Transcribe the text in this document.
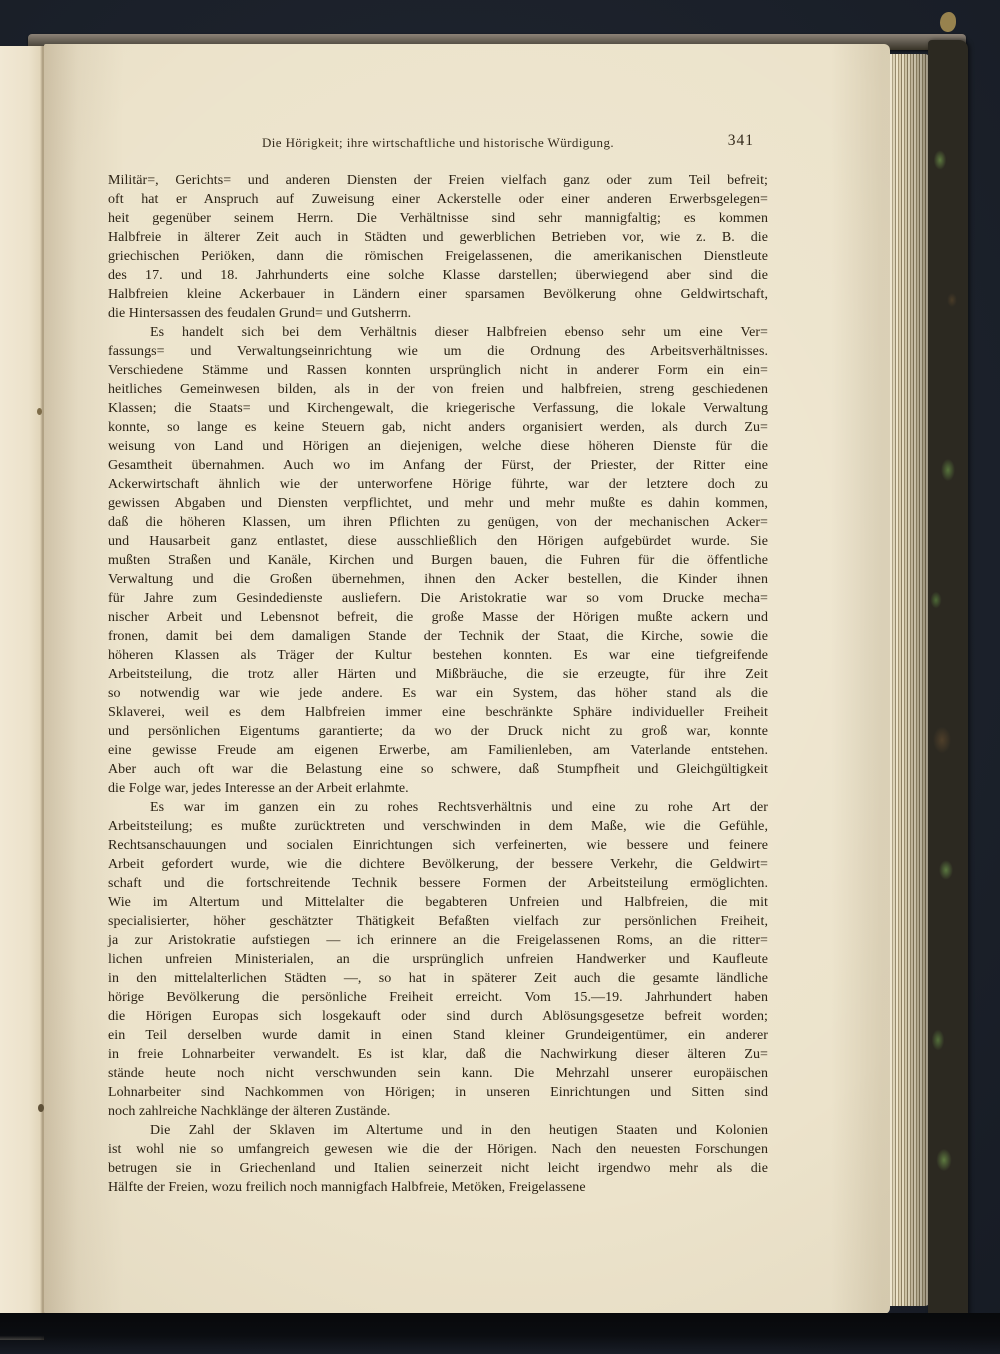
Die Hörigkeit; ihre wirtschaftliche und historische Würdigung.	341
Militär=, Gerichts= und anderen Diensten der Freien vielfach ganz oder zum Teil befreit;
oft hat er Anspruch auf Zuweisung einer Ackerstelle oder einer anderen Erwerbsgelegen=
heit gegenüber seinem Herrn. Die Verhältnisse sind sehr mannigfaltig; es kommen
Halbfreie in älterer Zeit auch in Städten und gewerblichen Betrieben vor, wie z. B. die
griechischen Periöken, dann die römischen Freigelassenen, die amerikanischen Dienstleute
des 17. und 18. Jahrhunderts eine solche Klasse darstellen; überwiegend aber sind die
Halbfreien kleine Ackerbauer in Ländern einer sparsamen Bevölkerung ohne Geldwirtschaft,
die Hintersassen des feudalen Grund= und Gutsherrn.
Es handelt sich bei dem Verhältnis dieser Halbfreien ebenso sehr um eine Ver=
fassungs= und Verwaltungseinrichtung wie um die Ordnung des Arbeitsverhältnisses.
Verschiedene Stämme und Rassen konnten ursprünglich nicht in anderer Form ein ein=
heitliches Gemeinwesen bilden, als in der von freien und halbfreien, streng geschiedenen
Klassen; die Staats= und Kirchengewalt, die kriegerische Verfassung, die lokale Verwaltung
konnte, so lange es keine Steuern gab, nicht anders organisiert werden, als durch Zu=
weisung von Land und Hörigen an diejenigen, welche diese höheren Dienste für die
Gesamtheit übernahmen. Auch wo im Anfang der Fürst, der Priester, der Ritter eine
Ackerwirtschaft ähnlich wie der unterworfene Hörige führte, war der letztere doch zu
gewissen Abgaben und Diensten verpflichtet, und mehr und mehr mußte es dahin kommen,
daß die höheren Klassen, um ihren Pflichten zu genügen, von der mechanischen Acker=
und Hausarbeit ganz entlastet, diese ausschließlich den Hörigen aufgebürdet wurde. Sie
mußten Straßen und Kanäle, Kirchen und Burgen bauen, die Fuhren für die öffentliche
Verwaltung und die Großen übernehmen, ihnen den Acker bestellen, die Kinder ihnen
für Jahre zum Gesindedienste ausliefern. Die Aristokratie war so vom Drucke mecha=
nischer Arbeit und Lebensnot befreit, die große Masse der Hörigen mußte ackern und
fronen, damit bei dem damaligen Stande der Technik der Staat, die Kirche, sowie die
höheren Klassen als Träger der Kultur bestehen konnten. Es war eine tiefgreifende
Arbeitsteilung, die trotz aller Härten und Mißbräuche, die sie erzeugte, für ihre Zeit
so notwendig war wie jede andere. Es war ein System, das höher stand als die
Sklaverei, weil es dem Halbfreien immer eine beschränkte Sphäre individueller Freiheit
und persönlichen Eigentums garantierte; da wo der Druck nicht zu groß war, konnte
eine gewisse Freude am eigenen Erwerbe, am Familienleben, am Vaterlande entstehen.
Aber auch oft war die Belastung eine so schwere, daß Stumpfheit und Gleichgültigkeit
die Folge war, jedes Interesse an der Arbeit erlahmte.
Es war im ganzen ein zu rohes Rechtsverhältnis und eine zu rohe Art der
Arbeitsteilung; es mußte zurücktreten und verschwinden in dem Maße, wie die Gefühle,
Rechtsanschauungen und socialen Einrichtungen sich verfeinerten, wie bessere und feinere
Arbeit gefordert wurde, wie die dichtere Bevölkerung, der bessere Verkehr, die Geldwirt=
schaft und die fortschreitende Technik bessere Formen der Arbeitsteilung ermöglichten.
Wie im Altertum und Mittelalter die begabteren Unfreien und Halbfreien, die mit
specialisierter, höher geschätzter Thätigkeit Befaßten vielfach zur persönlichen Freiheit,
ja zur Aristokratie aufstiegen — ich erinnere an die Freigelassenen Roms, an die ritter=
lichen unfreien Ministerialen, an die ursprünglich unfreien Handwerker und Kaufleute
in den mittelalterlichen Städten —, so hat in späterer Zeit auch die gesamte ländliche
hörige Bevölkerung die persönliche Freiheit erreicht. Vom 15.—19. Jahrhundert haben
die Hörigen Europas sich losgekauft oder sind durch Ablösungsgesetze befreit worden;
ein Teil derselben wurde damit in einen Stand kleiner Grundeigentümer, ein anderer
in freie Lohnarbeiter verwandelt. Es ist klar, daß die Nachwirkung dieser älteren Zu=
stände heute noch nicht verschwunden sein kann. Die Mehrzahl unserer europäischen
Lohnarbeiter sind Nachkommen von Hörigen; in unseren Einrichtungen und Sitten sind
noch zahlreiche Nachklänge der älteren Zustände.
Die Zahl der Sklaven im Altertume und in den heutigen Staaten und Kolonien
ist wohl nie so umfangreich gewesen wie die der Hörigen. Nach den neuesten Forschungen
betrugen sie in Griechenland und Italien seinerzeit nicht leicht irgendwo mehr als die
Hälfte der Freien, wozu freilich noch mannigfach Halbfreie, Metöken, Freigelassene
